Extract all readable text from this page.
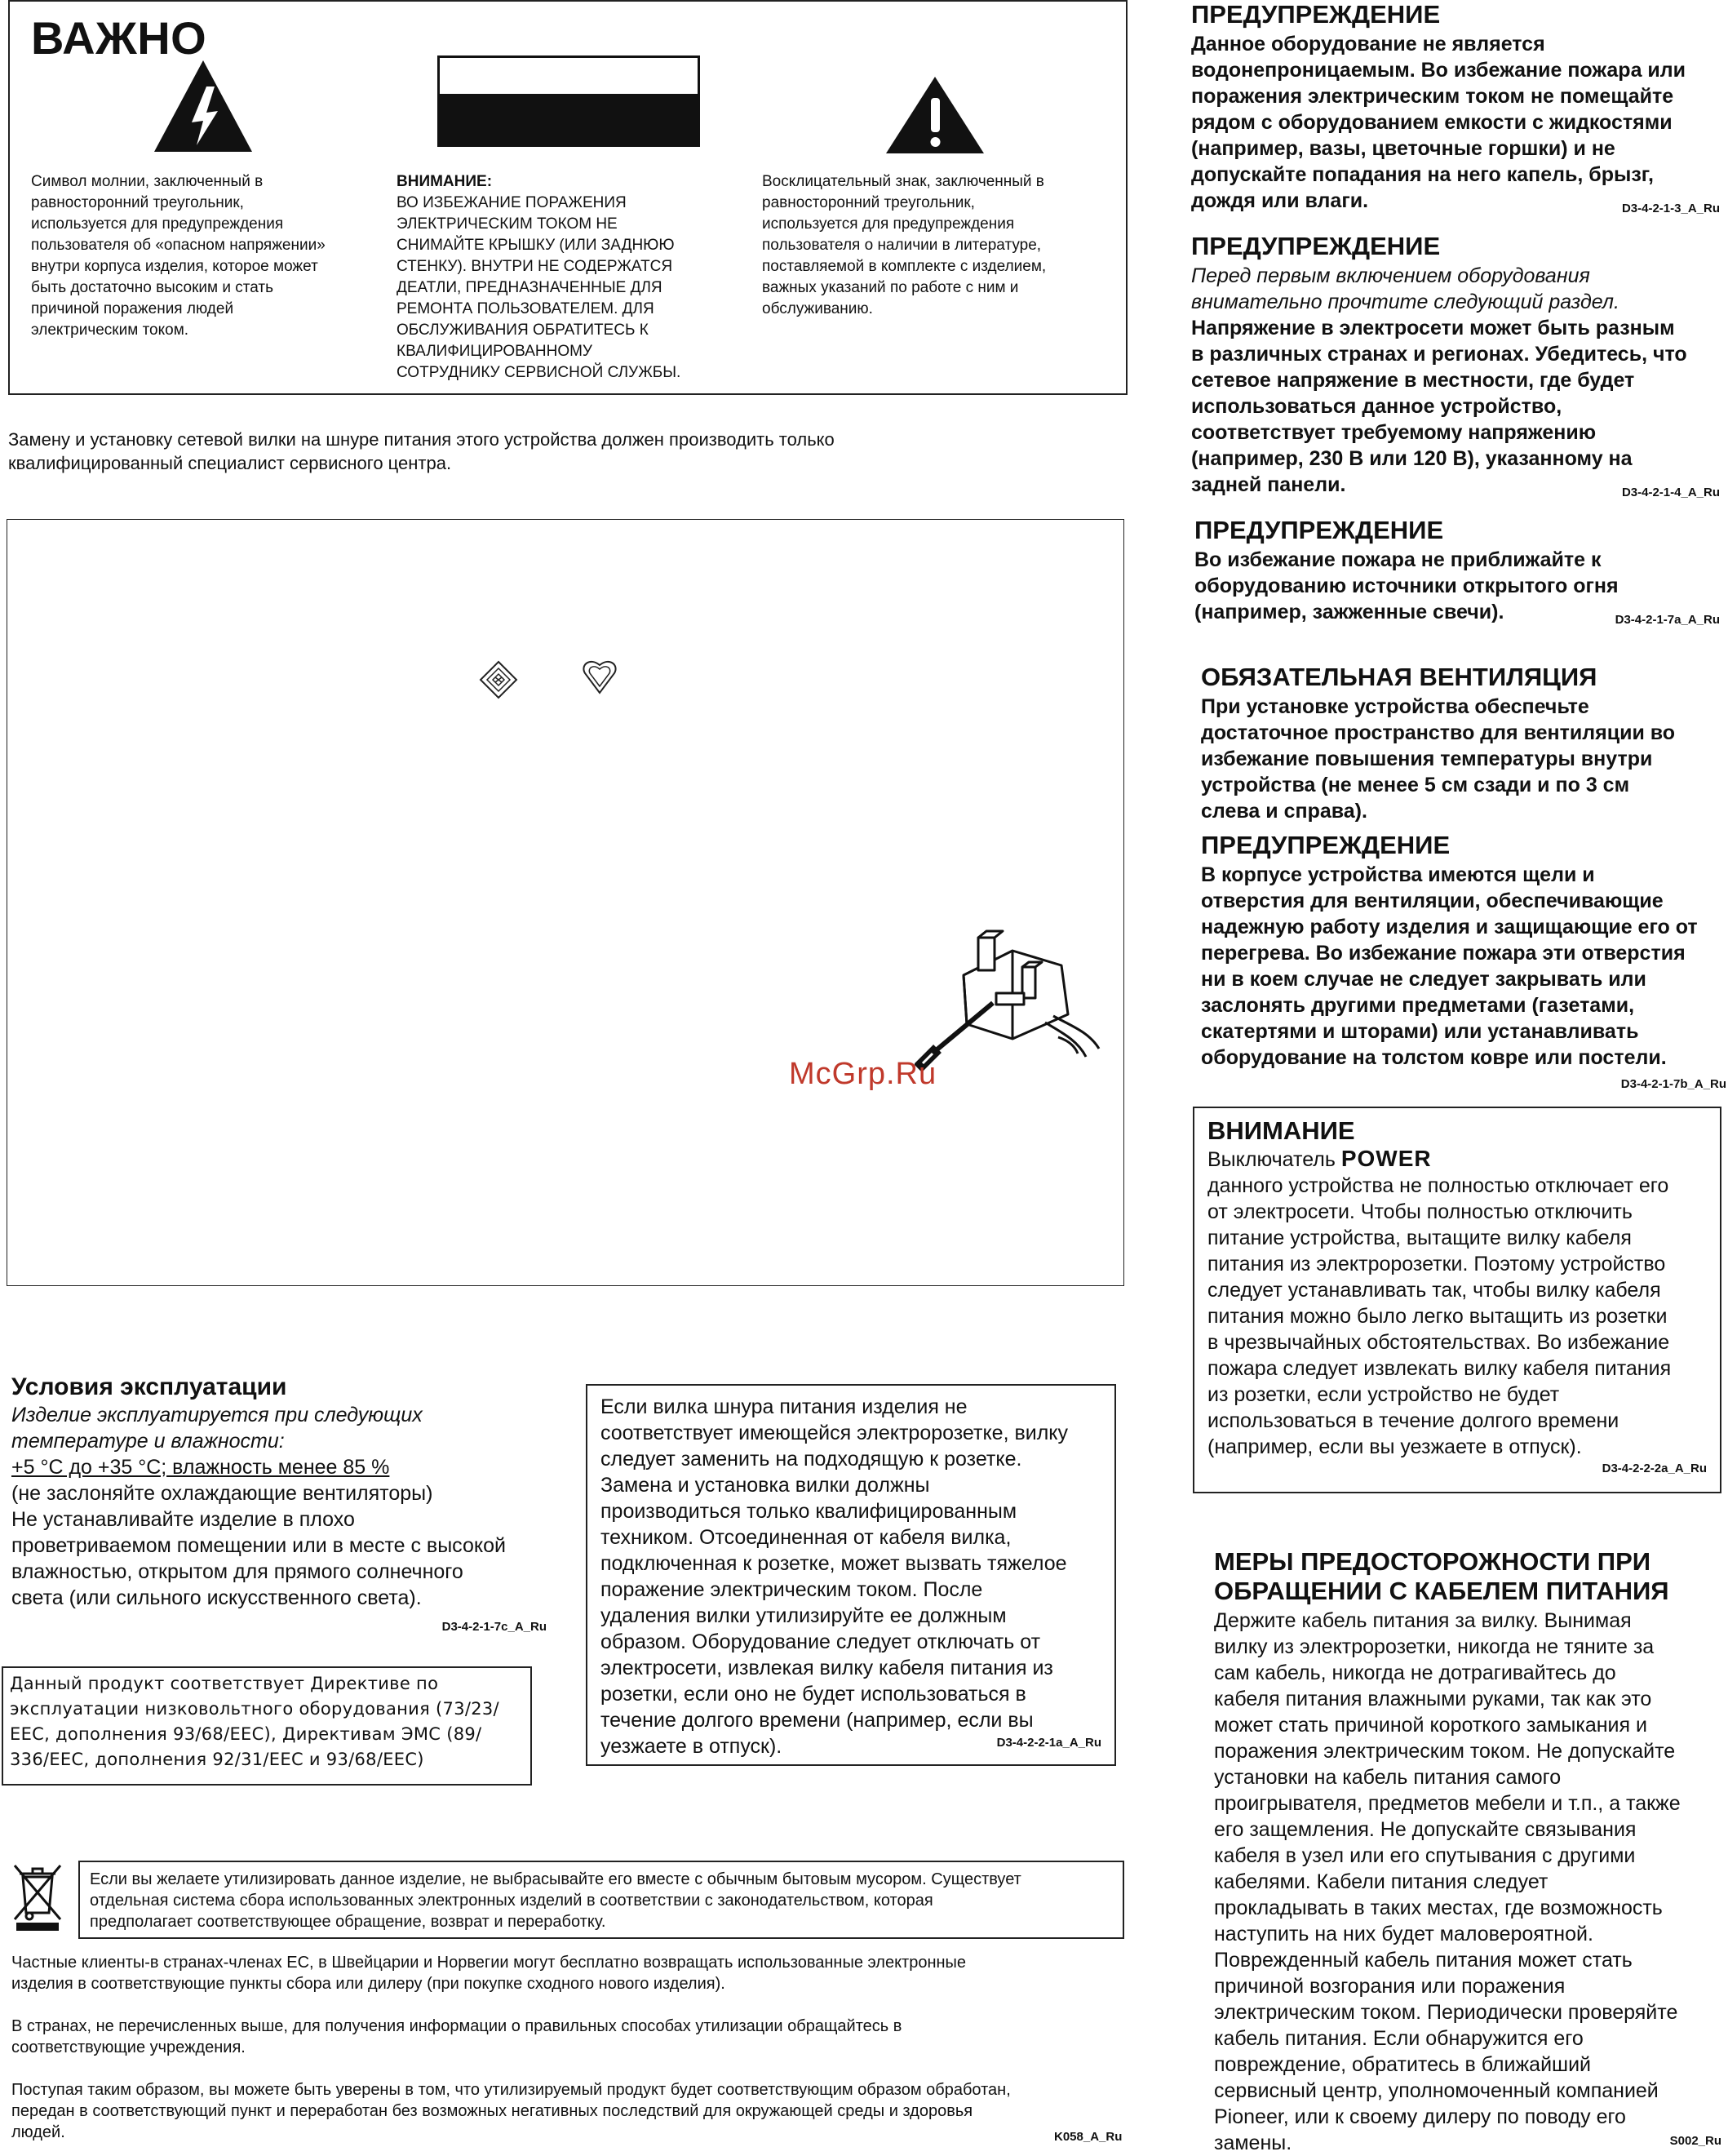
ВАЖНО
Символ молнии, заключенный в
равносторонний треугольник,
используется для предупреждения
пользователя об «опасном напряжении»
внутри корпуса изделия, которое может
быть достаточно высоким и стать
причиной поражения людей
электрическим током.
ВНИМАНИЕ:
ВО ИЗБЕЖАНИЕ ПОРАЖЕНИЯ
ЭЛЕКТРИЧЕСКИМ ТОКОМ НЕ
СНИМАЙТЕ КРЫШКУ (ИЛИ ЗАДНЮЮ
СТЕНКУ). ВНУТРИ НЕ СОДЕРЖАТСЯ
ДЕАТЛИ, ПРЕДНАЗНАЧЕННЫЕ ДЛЯ
РЕМОНТА ПОЛЬЗОВАТЕЛЕМ. ДЛЯ
ОБСЛУЖИВАНИЯ ОБРАТИТЕСЬ К
КВАЛИФИЦИРОВАННОМУ
СОТРУДНИКУ СЕРВИСНОЙ СЛУЖБЫ.
Восклицательный знак, заключенный в
равносторонний треугольник,
используется для предупреждения
пользователя о наличии в литературе,
поставляемой в комплекте с изделием,
важных указаний по работе с ним и
обслуживанию.
Замену и установку сетевой вилки на шнуре питания этого устройства должен производить только
квалифицированный специалист сервисного центра.
McGrp.Ru
Условия эксплуатации
Изделие эксплуатируется при следующих
температуре и влажности:
+5 °C до +35 °C; влажность менее 85 %
(не заслоняйте охлаждающие вентиляторы)
Не устанавливайте изделие в плохо
проветриваемом помещении или в месте с высокой
влажностью, открытом для прямого солнечного
света (или сильного искусственного света).
D3-4-2-1-7c_A_Ru
Данный продукт соответствует Директиве по
эксплуатации низковольтного оборудования (73/23/
EEC, дополнения 93/68/EEC), Директивам ЭМС (89/
336/EEC, дополнения 92/31/EEC и 93/68/EEC)
Если вилка шнура питания изделия не
соответствует имеющейся электророзетке, вилку
следует заменить на подходящую к розетке.
Замена и установка вилки должны
производиться только квалифицированным
техником. Отсоединенная от кабеля вилка,
подключенная к розетке, может вызвать тяжелое
поражение электрическим током. После
удаления вилки утилизируйте ее должным
образом. Оборудование следует отключать от
электросети, извлекая вилку кабеля питания из
розетки, если оно не будет использоваться в
течение долгого времени (например, если вы
уезжаете в отпуск).	D3-4-2-2-1a_A_Ru
Если вы желаете утилизировать данное изделие, не выбрасывайте его вместе с обычным бытовым мусором. Существует
отдельная система сбора использованных электронных изделий в соответствии с законодательством, которая
предполагает соответствующее обращение, возврат и переработку.
Частные клиенты-в странах-членах ЕС, в Швейцарии и Норвегии могут бесплатно возвращать использованные электронные
изделия в соответствующие пункты сбора или дилеру (при покупке сходного нового изделия).
В странах, не перечисленных выше, для получения информации о правильных способах утилизации обращайтесь в
соответствующие учреждения.
Поступая таким образом, вы можете быть уверены в том, что утилизируемый продукт будет соответствующим образом обработан,
передан в соответствующий пункт и переработан без возможных негативных последствий для окружающей среды и здоровья
людей.	K058_A_Ru
ПРЕДУПРЕЖДЕНИЕ
Данное оборудование не является
водонепроницаемым. Во избежание пожара или
поражения электрическим током не помещайте
рядом с оборудованием емкости с жидкостями
(например, вазы, цветочные горшки) и не
допускайте попадания на него капель, брызг,
дождя или влаги.	D3-4-2-1-3_A_Ru
ПРЕДУПРЕЖДЕНИЕ
Перед первым включением оборудования
внимательно прочтите следующий раздел.
Напряжение в электросети может быть разным
в различных странах и регионах. Убедитесь, что
сетевое напряжение в местности, где будет
использоваться данное устройство,
соответствует требуемому напряжению
(например, 230 В или 120 В), указанному на
задней панели.	D3-4-2-1-4_A_Ru
ПРЕДУПРЕЖДЕНИЕ
Во избежание пожара не приближайте к
оборудованию источники открытого огня
(например, зажженные свечи).	D3-4-2-1-7a_A_Ru
ОБЯЗАТЕЛЬНАЯ ВЕНТИЛЯЦИЯ
При установке устройства обеспечьте
достаточное пространство для вентиляции во
избежание повышения температуры внутри
устройства (не менее 5 см сзади и по 3 см
слева и справа).
ПРЕДУПРЕЖДЕНИЕ
В корпусе устройства имеются щели и
отверстия для вентиляции, обеспечивающие
надежную работу изделия и защищающие его от
перегрева. Во избежание пожара эти отверстия
ни в коем случае не следует закрывать или
заслонять другими предметами (газетами,
скатертями и шторами) или устанавливать
оборудование на толстом ковре или постели.
D3-4-2-1-7b_A_Ru
ВНИМАНИЕ
Выключатель POWER
данного устройства не полностью отключает его
от электросети. Чтобы полностью отключить
питание устройства, вытащите вилку кабеля
питания из электророзетки. Поэтому устройство
следует устанавливать так, чтобы вилку кабеля
питания можно было легко вытащить из розетки
в чрезвычайных обстоятельствах. Во избежание
пожара следует извлекать вилку кабеля питания
из розетки, если устройство не будет
использоваться в течение долгого времени
(например, если вы уезжаете в отпуск).
D3-4-2-2-2a_A_Ru
МЕРЫ ПРЕДОСТОРОЖНОСТИ ПРИ
ОБРАЩЕНИИ С КАБЕЛЕМ ПИТАНИЯ
Держите кабель питания за вилку. Вынимая
вилку из электророзетки, никогда не тяните за
сам кабель, никогда не дотрагивайтесь до
кабеля питания влажными руками, так как это
может стать причиной короткого замыкания и
поражения электрическим током. Не допускайте
установки на кабель питания самого
проигрывателя, предметов мебели и т.п., а также
его защемления. Не допускайте связывания
кабеля в узел или его спутывания с другими
кабелями. Кабели питания следует
прокладывать в таких местах, где возможность
наступить на них будет маловероятной.
Поврежденный кабель питания может стать
причиной возгорания или поражения
электрическим током. Периодически проверяйте
кабель питания. Если обнаружится его
повреждение, обратитесь в ближайший
сервисный центр, уполномоченный компанией
Pioneer, или к своему дилеру по поводу его
замены.	S002_Ru
